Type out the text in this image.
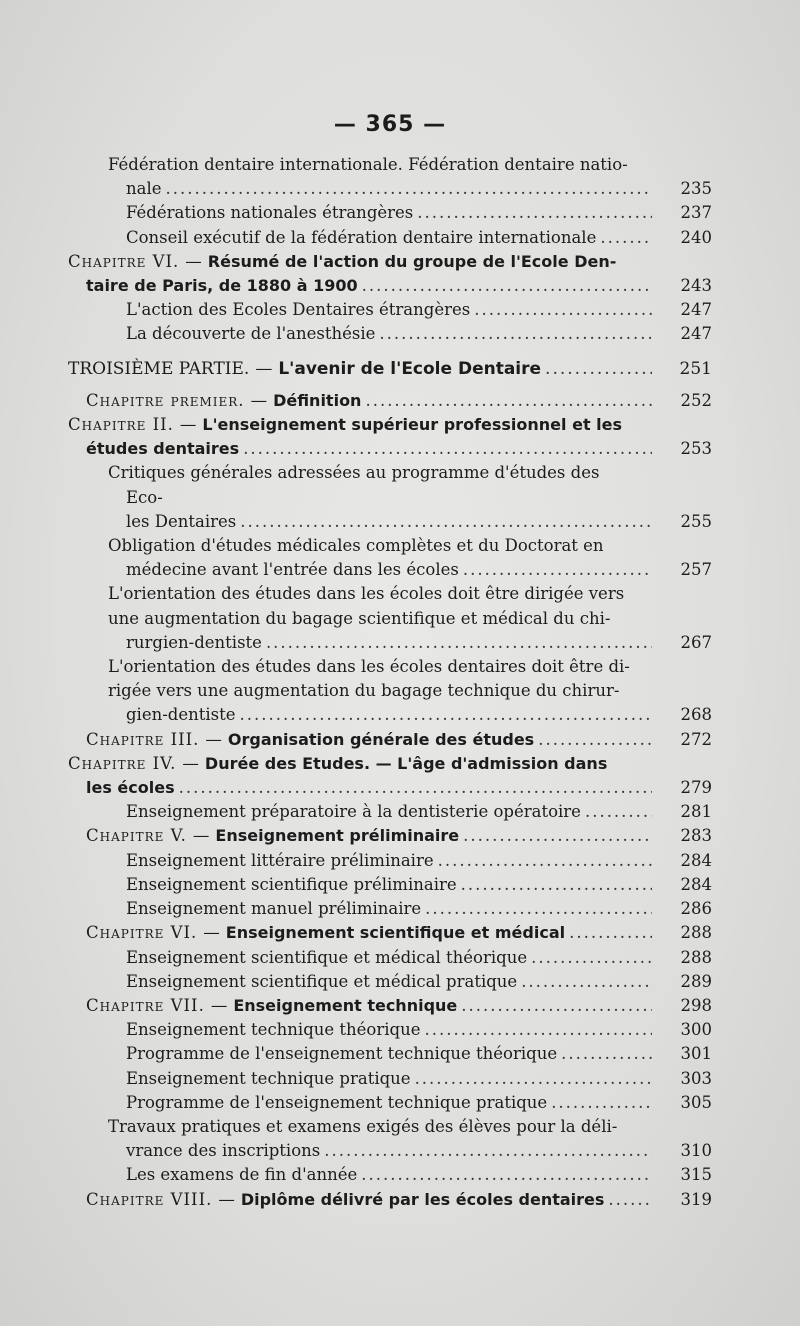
— 365 —
Fédération dentaire internationale. Fédération dentaire natio-
nale .....	235
Fédérations nationales étrangères .....	237
Conseil exécutif de la fédération dentaire internationale .....	240
Chapitre VI. — Résumé de l'action du groupe de l'Ecole Den-
taire de Paris, de 1880 à 1900 .....	243
L'action des Ecoles Dentaires étrangères .....	247
La découverte de l'anesthésie .....	247
TROISIÈME PARTIE. — L'avenir de l'Ecole Dentaire .....	251
Chapitre premier. — Définition .....	252
Chapitre II. — L'enseignement supérieur professionnel et les
études dentaires .....	253
Critiques générales adressées au programme d'études des Eco-
les Dentaires .....	255
Obligation d'études médicales complètes et du Doctorat en
médecine avant l'entrée dans les écoles .....	257
L'orientation des études dans les écoles doit être dirigée vers
une augmentation du bagage scientifique et médical du chi-
rurgien-dentiste .....	267
L'orientation des études dans les écoles dentaires doit être di-
rigée vers une augmentation du bagage technique du chirur-
gien-dentiste .....	268
Chapitre III. — Organisation générale des études .....	272
Chapitre IV. — Durée des Etudes. — L'âge d'admission dans
les écoles .....	279
Enseignement préparatoire à la dentisterie opératoire .....	281
Chapitre V. — Enseignement préliminaire .....	283
Enseignement littéraire préliminaire .....	284
Enseignement scientifique préliminaire .....	284
Enseignement manuel préliminaire .....	286
Chapitre VI. — Enseignement scientifique et médical .....	288
Enseignement scientifique et médical théorique .....	288
Enseignement scientifique et médical pratique .....	289
Chapitre VII. — Enseignement technique .....	298
Enseignement technique théorique .....	300
Programme de l'enseignement technique théorique .....	301
Enseignement technique pratique .....	303
Programme de l'enseignement technique pratique .....	305
Travaux pratiques et examens exigés des élèves pour la déli-
vrance des inscriptions .....	310
Les examens de fin d'année .....	315
Chapitre VIII. — Diplôme délivré par les écoles dentaires .....	319
